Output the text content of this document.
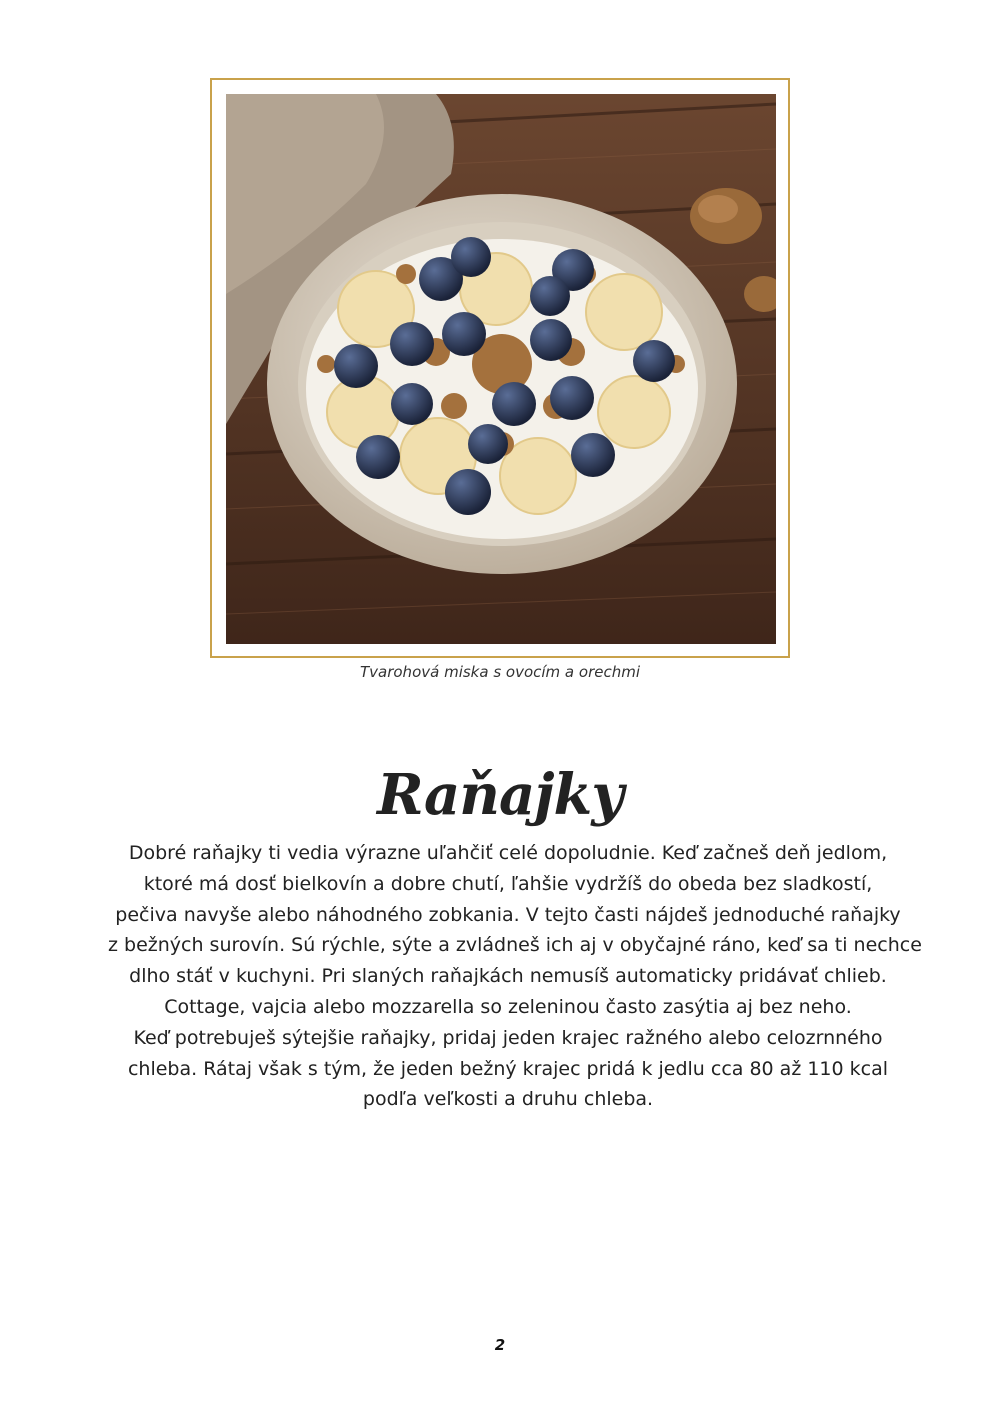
Tvarohová miska s ovocím a orechmi
Raňajky

Dobré raňajky ti vedia výrazne uľahčiť celé dopoludnie. Keď začneš deň jedlom,
ktoré má dosť bielkovín a dobre chutí, ľahšie vydržíš do obeda bez sladkostí,
pečiva navyše alebo náhodného zobkania. V tejto časti nájdeš jednoduché raňajky
z bežných surovín. Sú rýchle, sýte a zvládneš ich aj v obyčajné ráno, keď sa ti nechce
dlho stáť v kuchyni. Pri slaných raňajkách nemusíš automaticky pridávať chlieb.
Cottage, vajcia alebo mozzarella so zeleninou často zasýtia aj bez neho.
Keď potrebuješ sýtejšie raňajky, pridaj jeden krajec ražného alebo celozrnného
chleba. Rátaj však s tým, že jeden bežný krajec pridá k jedlu cca 80 až 110 kcal
podľa veľkosti a druhu chleba.

2
